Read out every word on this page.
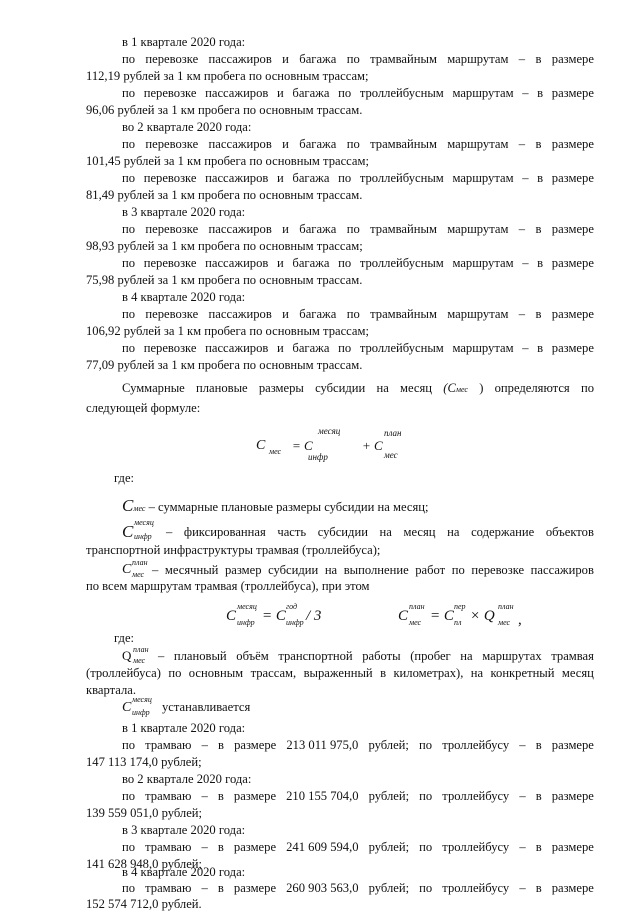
в 1 квартале 2020 года:
по перевозке пассажиров и багажа по трамвайным маршрутам – в размере
112,19 рублей за 1 км пробега по основным трассам;
по перевозке пассажиров и багажа по троллейбусным маршрутам – в размере
96,06 рублей за 1 км пробега по основным трассам.
во 2 квартале 2020 года:
по перевозке пассажиров и багажа по трамвайным маршрутам – в размере
101,45 рублей за 1 км пробега по основным трассам;
по перевозке пассажиров и багажа по троллейбусным маршрутам – в размере
81,49 рублей за 1 км пробега по основным трассам.
в 3 квартале 2020 года:
по перевозке пассажиров и багажа по трамвайным маршрутам – в размере
98,93 рублей за 1 км пробега по основным трассам;
по перевозке пассажиров и багажа по троллейбусным маршрутам – в размере
75,98 рублей за 1 км пробега по основным трассам.
в 4 квартале 2020 года:
по перевозке пассажиров и багажа по трамвайным маршрутам – в размере
106,92 рублей за 1 км пробега по основным трассам;
по перевозке пассажиров и багажа по троллейбусным маршрутам – в размере
77,09 рублей за 1 км пробега по основным трассам.
Суммарные плановые размеры субсидии на месяц (Cмес ) определяются по
следующей формуле:
C мес = C
месяц
инфр
+ C
план
мес
где:
Cмес – суммарные плановые размеры субсидии на месяц;
C месяц
инфр – фиксированная часть субсидии на месяц на содержание объектов
транспортной инфраструктуры трамвая (троллейбуса);
C план
мес – месячный размер субсидии на выполнение работ по перевозке пассажиров
по всем маршрутам трамвая (троллейбуса), при этом
C
месяц
инфр = C
год
инфр / 3	C
план
мес = C
пер
пл × Q
план
мес ,
где:
Q план
мес – плановый объём транспортной работы (пробег на маршрутах трамвая
(троллейбуса) по основным трассам, выраженный в километрах), на конкретный месяц
квартала.
C
месяц
инфр устанавливается
в 1 квартале 2020 года:
по трамваю – в размере 213 011 975,0 рублей; по троллейбусу – в размере
147 113 174,0 рублей;
во 2 квартале 2020 года:
по трамваю – в размере 210 155 704,0 рублей; по троллейбусу – в размере
139 559 051,0 рублей;
в 3 квартале 2020 года:
по трамваю – в размере 241 609 594,0 рублей; по троллейбусу – в размере
141 628 948,0 рублей;
в 4 квартале 2020 года:
по трамваю – в размере 260 903 563,0 рублей; по троллейбусу – в размере
152 574 712,0 рублей.
